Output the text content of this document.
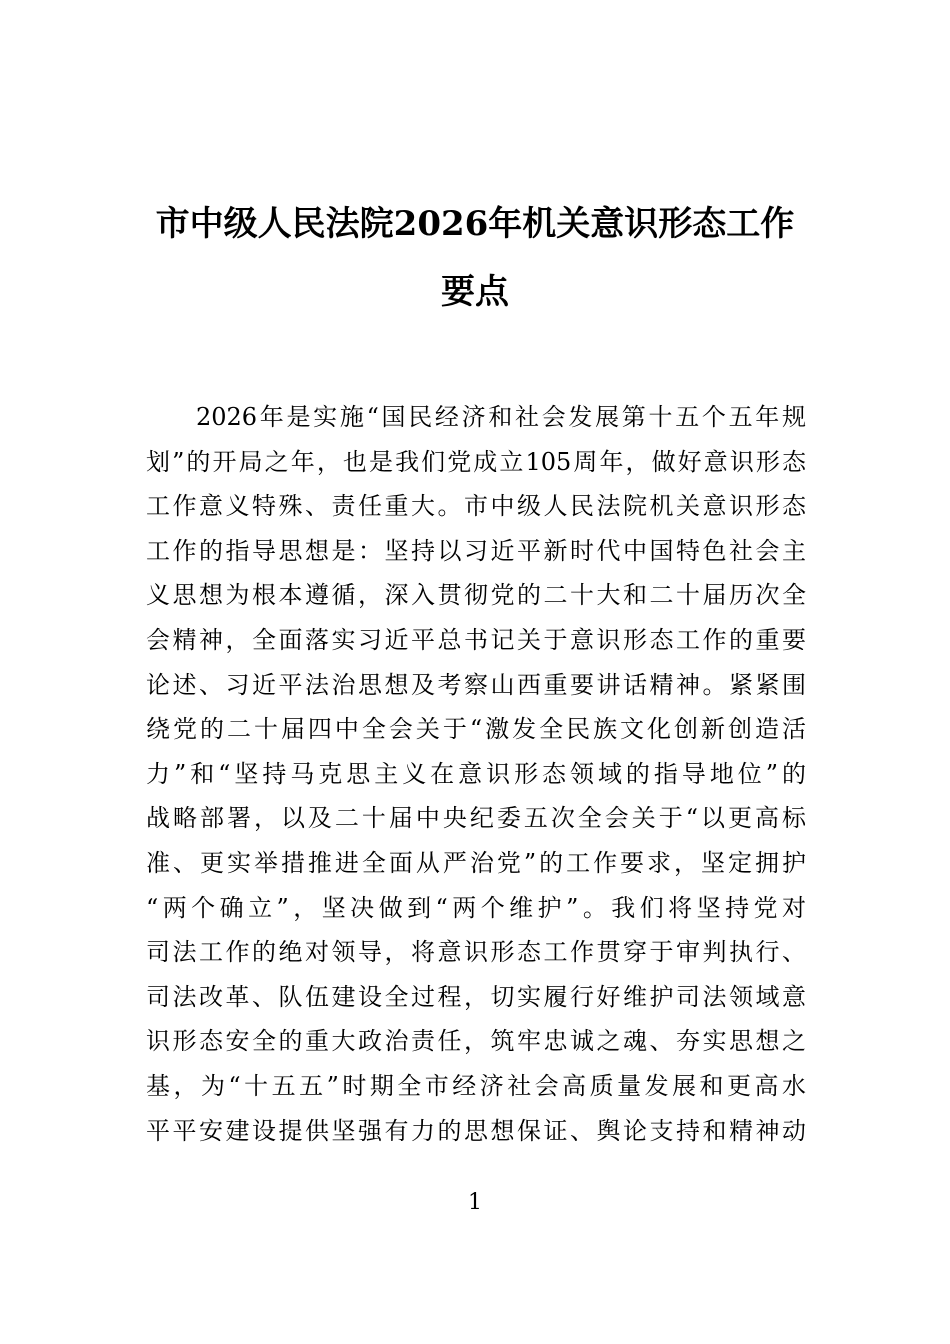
市中级人民法院2026年机关意识形态工作
要点
2026年是实施“国民经济和社会发展第十五个五年规
划”的开局之年，也是我们党成立105周年，做好意识形态
工作意义特殊、责任重大。市中级人民法院机关意识形态
工作的指导思想是：坚持以习近平新时代中国特色社会主
义思想为根本遵循，深入贯彻党的二十大和二十届历次全
会精神，全面落实习近平总书记关于意识形态工作的重要
论述、习近平法治思想及考察山西重要讲话精神。紧紧围
绕党的二十届四中全会关于“激发全民族文化创新创造活
力”和“坚持马克思主义在意识形态领域的指导地位”的
战略部署，以及二十届中央纪委五次全会关于“以更高标
准、更实举措推进全面从严治党”的工作要求，坚定拥护
“两个确立”，坚决做到“两个维护”。我们将坚持党对
司法工作的绝对领导，将意识形态工作贯穿于审判执行、
司法改革、队伍建设全过程，切实履行好维护司法领域意
识形态安全的重大政治责任，筑牢忠诚之魂、夯实思想之
基，为“十五五”时期全市经济社会高质量发展和更高水
平平安建设提供坚强有力的思想保证、舆论支持和精神动
1
